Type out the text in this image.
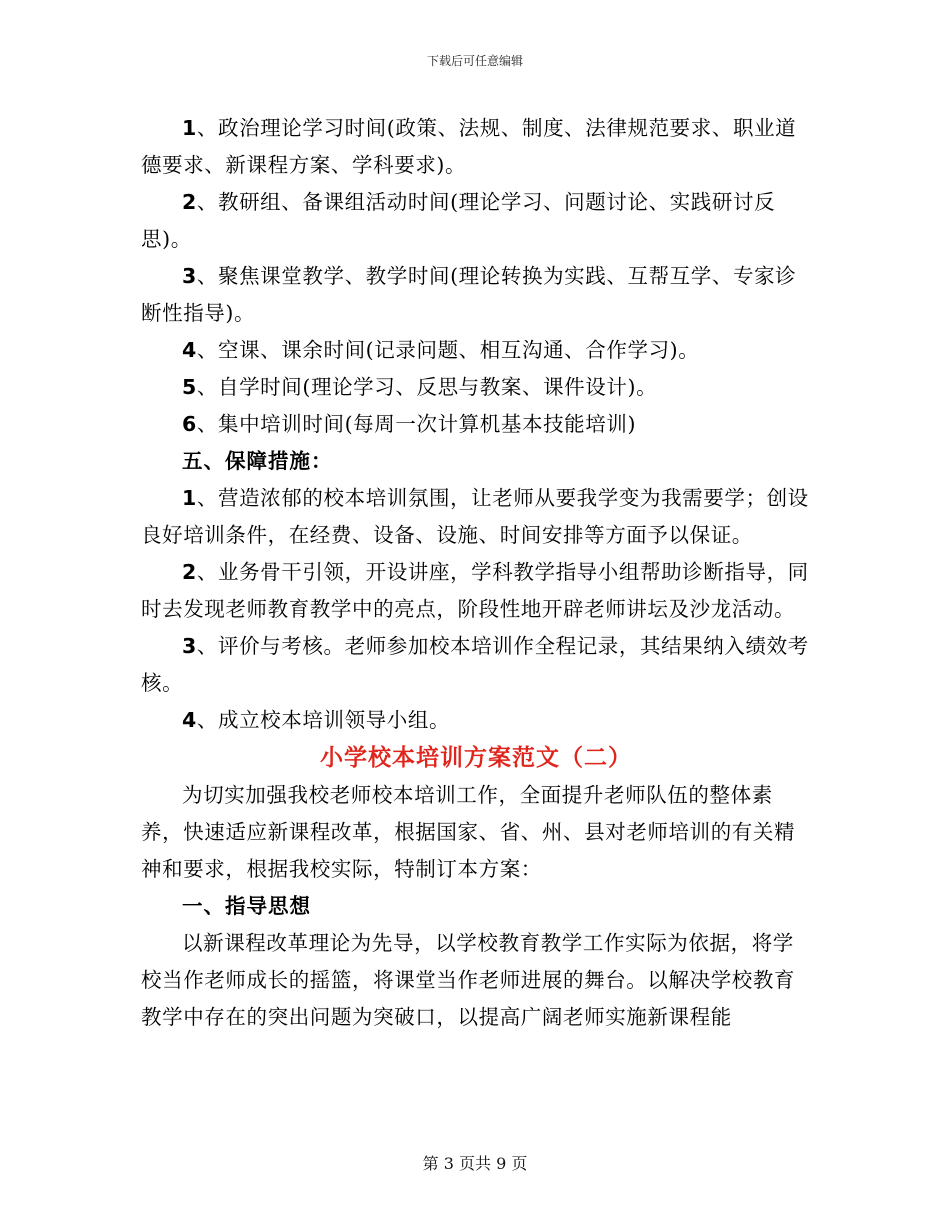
下载后可任意编辑

1、政治理论学习时间(政策、法规、制度、法律规范要求、职业道德要求、新课程方案、学科要求)。

2、教研组、备课组活动时间(理论学习、问题讨论、实践研讨反思)。

3、聚焦课堂教学、教学时间(理论转换为实践、互帮互学、专家诊断性指导)。

4、空课、课余时间(记录问题、相互沟通、合作学习)。

5、自学时间(理论学习、反思与教案、课件设计)。

6、集中培训时间(每周一次计算机基本技能培训)

五、保障措施：

1、营造浓郁的校本培训氛围，让老师从要我学变为我需要学；创设良好培训条件，在经费、设备、设施、时间安排等方面予以保证。

2、业务骨干引领，开设讲座，学科教学指导小组帮助诊断指导，同时去发现老师教育教学中的亮点，阶段性地开辟老师讲坛及沙龙活动。

3、评价与考核。老师参加校本培训作全程记录，其结果纳入绩效考核。

4、成立校本培训领导小组。

小学校本培训方案范文（二）

为切实加强我校老师校本培训工作，全面提升老师队伍的整体素养，快速适应新课程改革，根据国家、省、州、县对老师培训的有关精神和要求，根据我校实际，特制订本方案：

一、指导思想

以新课程改革理论为先导，以学校教育教学工作实际为依据，将学校当作老师成长的摇篮，将课堂当作老师进展的舞台。以解决学校教育教学中存在的突出问题为突破口，以提高广阔老师实施新课程能

第 3 页共 9 页
